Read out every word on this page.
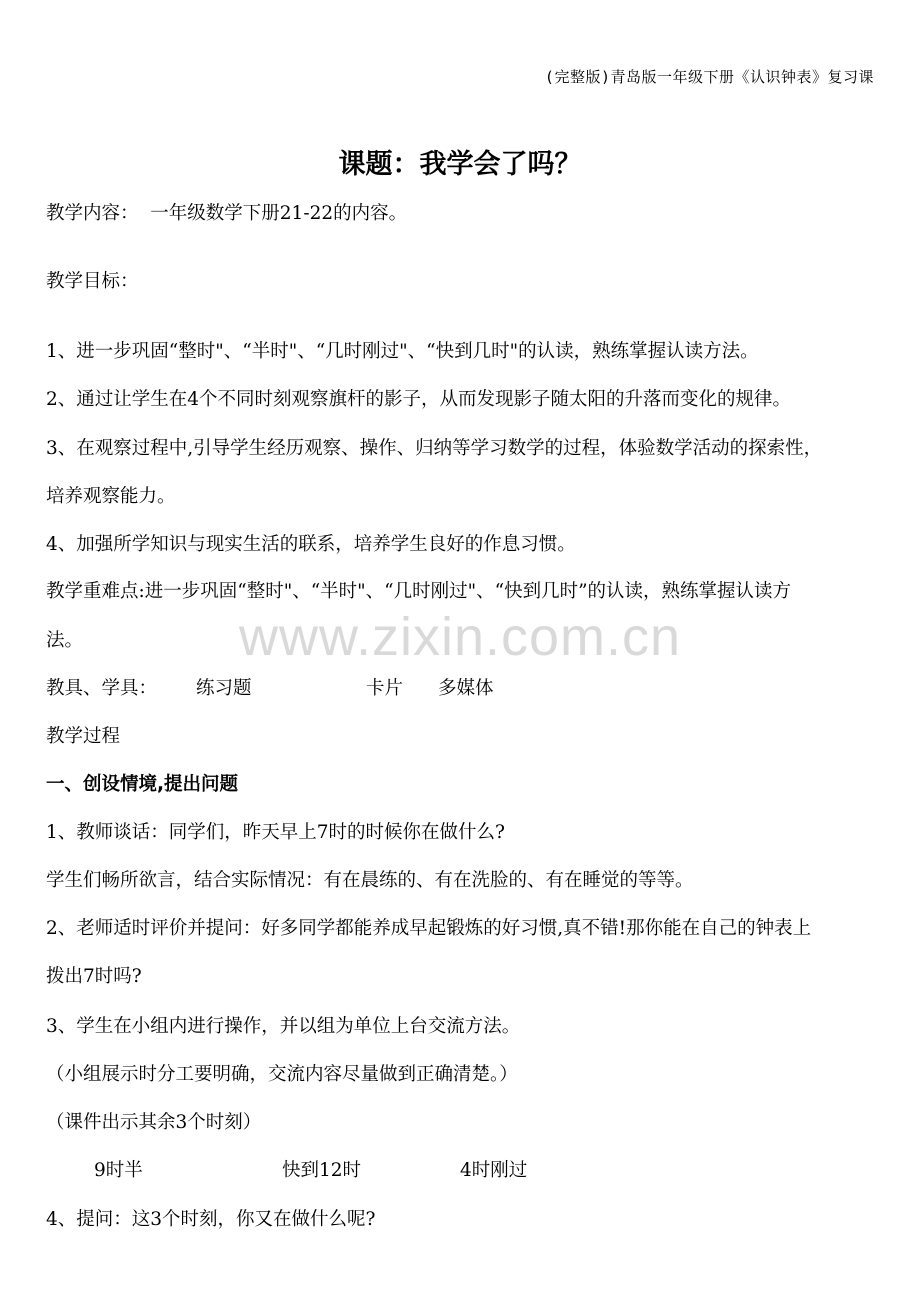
(完整版)青岛版一年级下册《认识钟表》复习课
课题：我学会了吗？
教学内容： 一年级数学下册21-22的内容。
教学目标：
1、进一步巩固“整时"、“半时"、“几时刚过"、“快到几时"的认读，熟练掌握认读方法。
2、通过让学生在4个不同时刻观察旗杆的影子，从而发现影子随太阳的升落而变化的规律。
3、在观察过程中,引导学生经历观察、操作、归纳等学习数学的过程，体验数学活动的探索性，
培养观察能力。
4、加强所学知识与现实生活的联系，培养学生良好的作息习惯。
教学重难点:进一步巩固“整时"、“半时"、“几时刚过"、“快到几时”的认读，熟练掌握认读方
法。	www.zixin.com.cn
教具、学具： 练习题	卡片 多媒体
教学过程
一、创设情境,提出问题
1、教师谈话：同学们，昨天早上7时的时候你在做什么?
学生们畅所欲言，结合实际情况：有在晨练的、有在洗脸的、有在睡觉的等等。
2、老师适时评价并提问：好多同学都能养成早起锻炼的好习惯,真不错!那你能在自己的钟表上
拨出7时吗?
3、学生在小组内进行操作，并以组为单位上台交流方法。
（小组展示时分工要明确，交流内容尽量做到正确清楚。）
（课件出示其余3个时刻）
9时半	快到12时	4时刚过
4、提问：这3个时刻，你又在做什么呢?
